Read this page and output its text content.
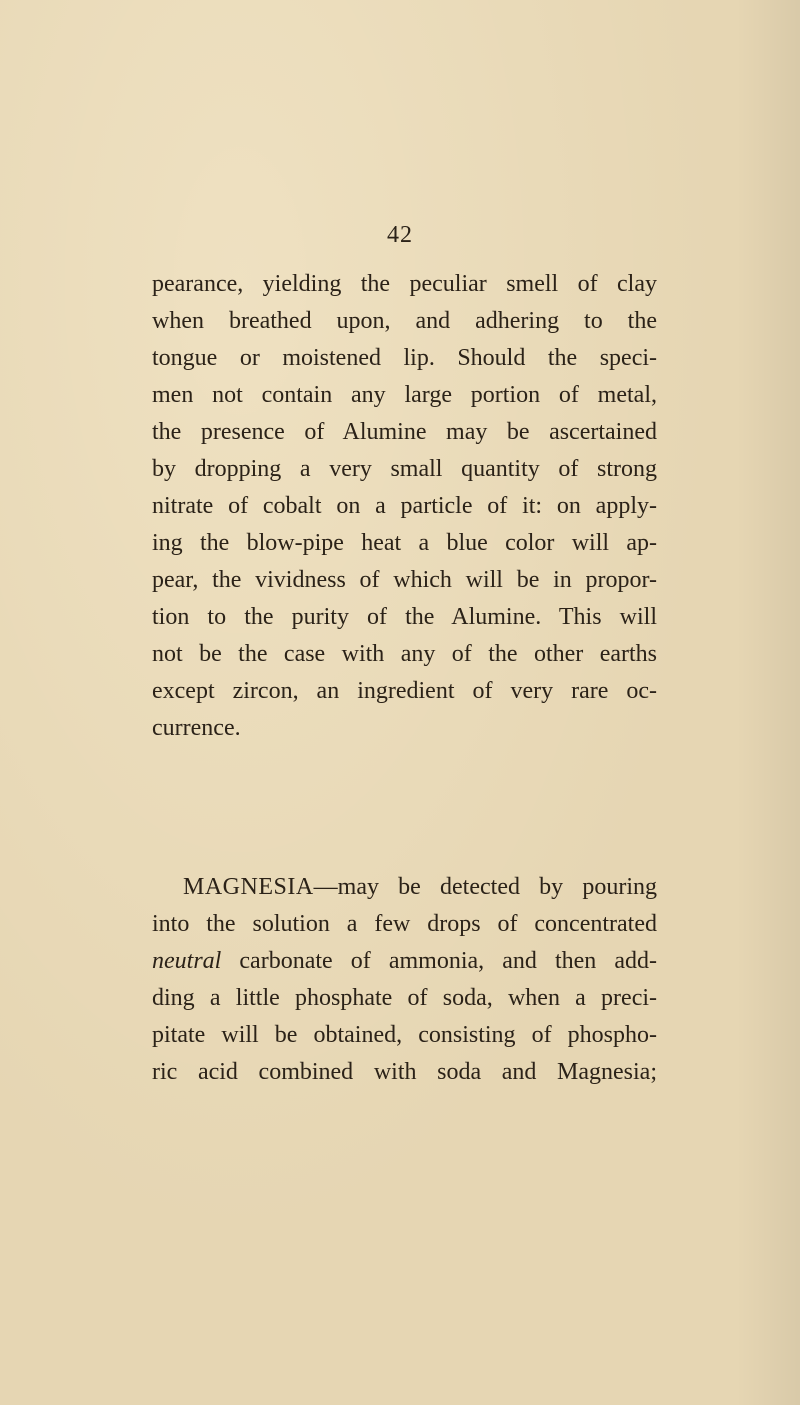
42
pearance, yielding the peculiar smell of clay
when breathed upon, and adhering to the
tongue or moistened lip. Should the speci-
men not contain any large portion of metal,
the presence of Alumine may be ascertained
by dropping a very small quantity of strong
nitrate of cobalt on a particle of it: on apply-
ing the blow-pipe heat a blue color will ap-
pear, the vividness of which will be in propor-
tion to the purity of the Alumine. This will
not be the case with any of the other earths
except zircon, an ingredient of very rare oc-
currence.
MAGNESIA—may be detected by pouring
into the solution a few drops of concentrated
neutral carbonate of ammonia, and then add-
ding a little phosphate of soda, when a preci-
pitate will be obtained, consisting of phospho-
ric acid combined with soda and Magnesia;
